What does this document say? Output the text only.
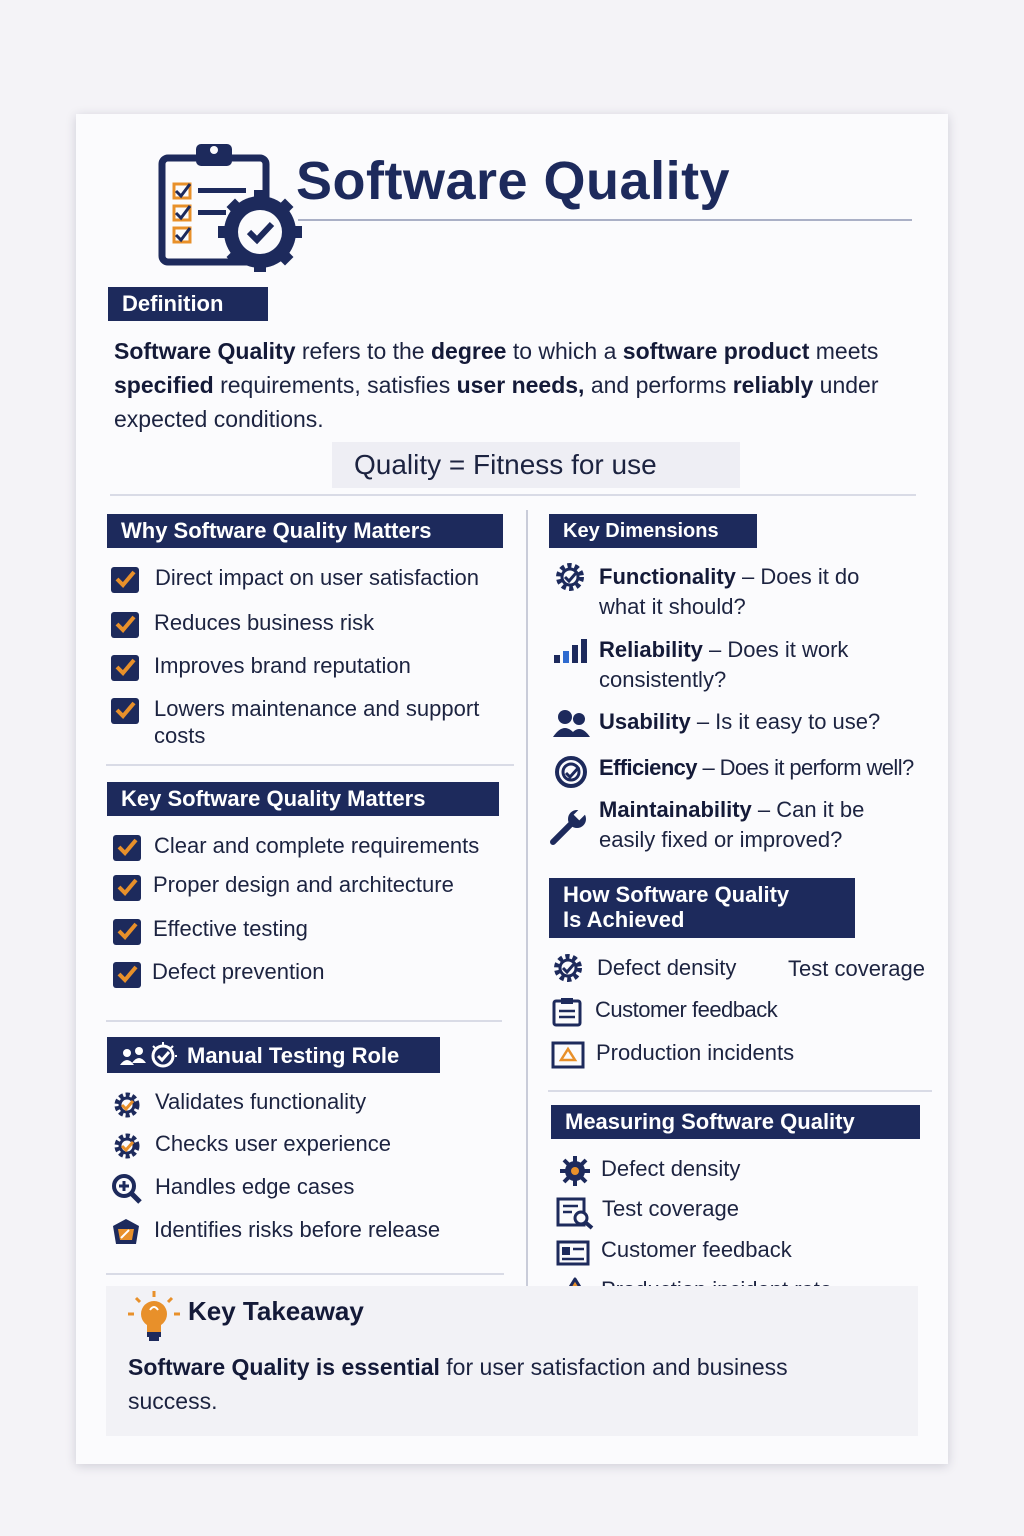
Software Quality
Definition
Software Quality refers to the degree to which a software product meets specified requirements, satisfies user needs, and performs reliably under expected conditions.
Quality = Fitness for use
Why Software Quality Matters
Direct impact on user satisfaction
Reduces business risk
Improves brand reputation
Lowers maintenance and support costs
Key Software Quality Matters
Clear and complete requirements
Proper design and architecture
Effective testing
Defect prevention
Manual Testing Role
Validates functionality
Checks user experience
Handles edge cases
Identifies risks before release
Key Dimensions
Functionality – Does it do what it should?
Reliability – Does it work consistently?
Usability – Is it easy to use?
Efficiency – Does it perform well?
Maintainability – Can it be easily fixed or improved?
How Software Quality
Is Achieved
Defect density Test coverage
Customer feedback
Production incidents
Measuring Software Quality
Defect density
Test coverage
Customer feedback
Key Takeaway
Software Quality is essential for user satisfaction and business success.
